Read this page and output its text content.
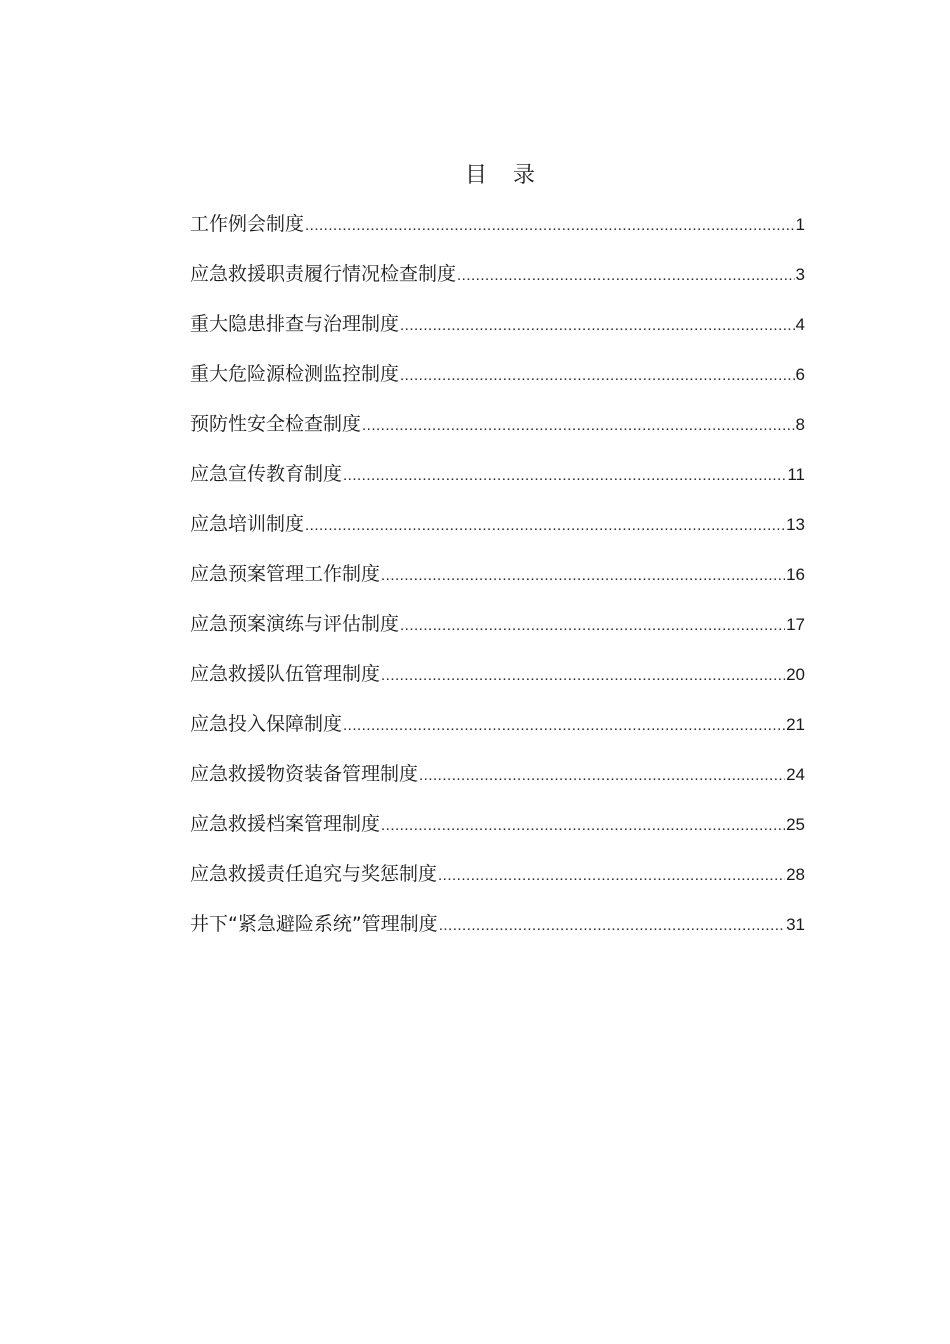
目 录
工作例会制度 .....	1
应急救援职责履行情况检查制度 .....	3
重大隐患排查与治理制度 .....	4
重大危险源检测监控制度 .....	6
预防性安全检查制度 .....	8
应急宣传教育制度 .....	11
应急培训制度 .....	13
应急预案管理工作制度 .....	16
应急预案演练与评估制度 .....	17
应急救援队伍管理制度 .....	20
应急投入保障制度 .....	21
应急救援物资装备管理制度 .....	24
应急救援档案管理制度 .....	25
应急救援责任追究与奖惩制度 .....	28
井下“紧急避险系统”管理制度 .....	31
